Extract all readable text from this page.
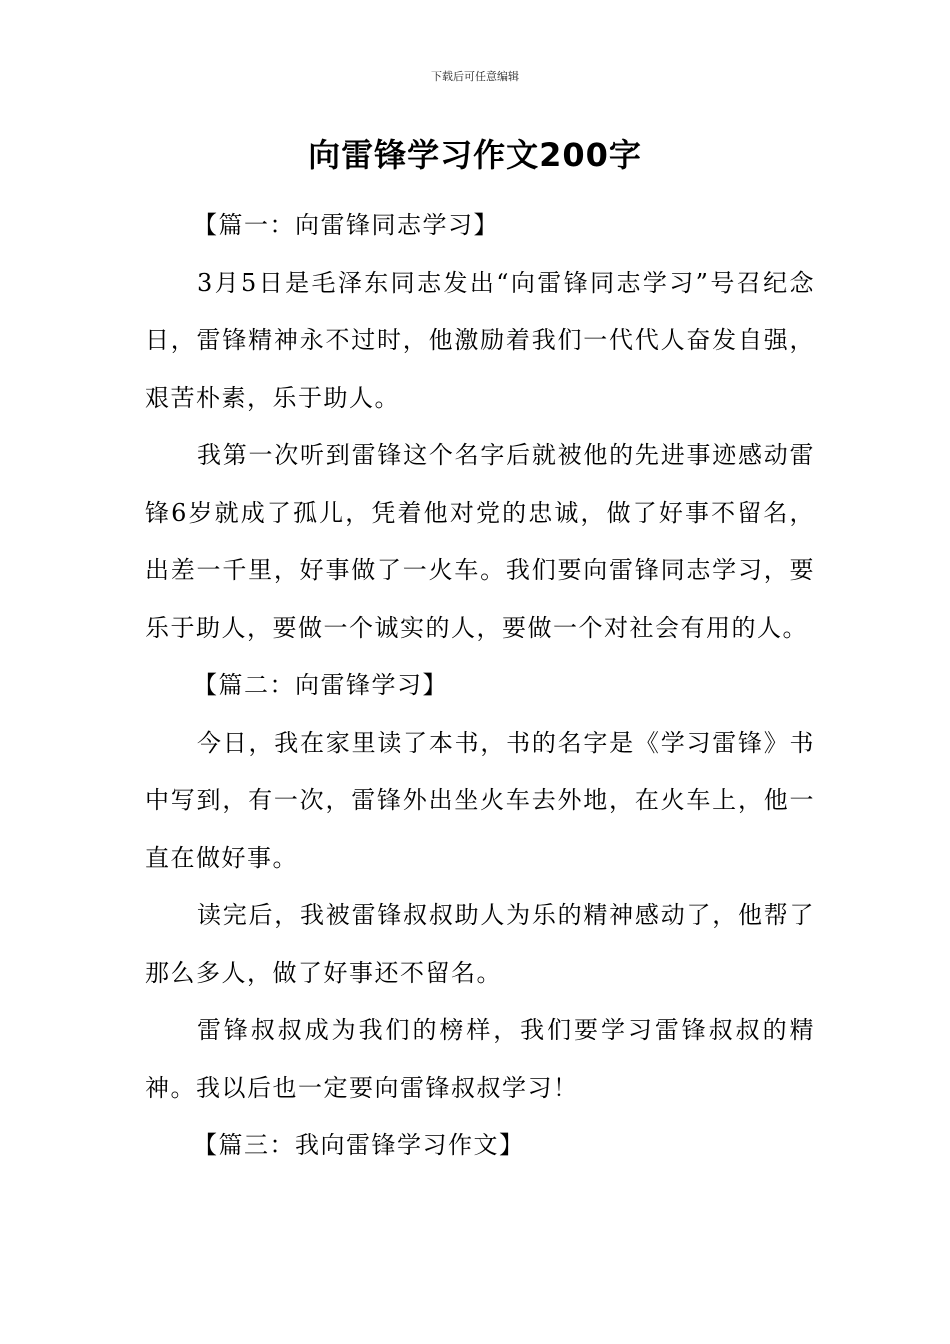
下载后可任意编辑
向雷锋学习作文200字

【篇一：向雷锋同志学习】

3月5日是毛泽东同志发出“向雷锋同志学习”号召纪念日，雷锋精神永不过时，他激励着我们一代代人奋发自强，艰苦朴素，乐于助人。

我第一次听到雷锋这个名字后就被他的先进事迹感动雷锋6岁就成了孤儿，凭着他对党的忠诚，做了好事不留名，出差一千里，好事做了一火车。我们要向雷锋同志学习，要乐于助人，要做一个诚实的人，要做一个对社会有用的人。

【篇二：向雷锋学习】

今日，我在家里读了本书，书的名字是《学习雷锋》书中写到，有一次，雷锋外出坐火车去外地，在火车上，他一直在做好事。

读完后，我被雷锋叔叔助人为乐的精神感动了，他帮了那么多人，做了好事还不留名。

雷锋叔叔成为我们的榜样，我们要学习雷锋叔叔的精神。我以后也一定要向雷锋叔叔学习！

【篇三：我向雷锋学习作文】
